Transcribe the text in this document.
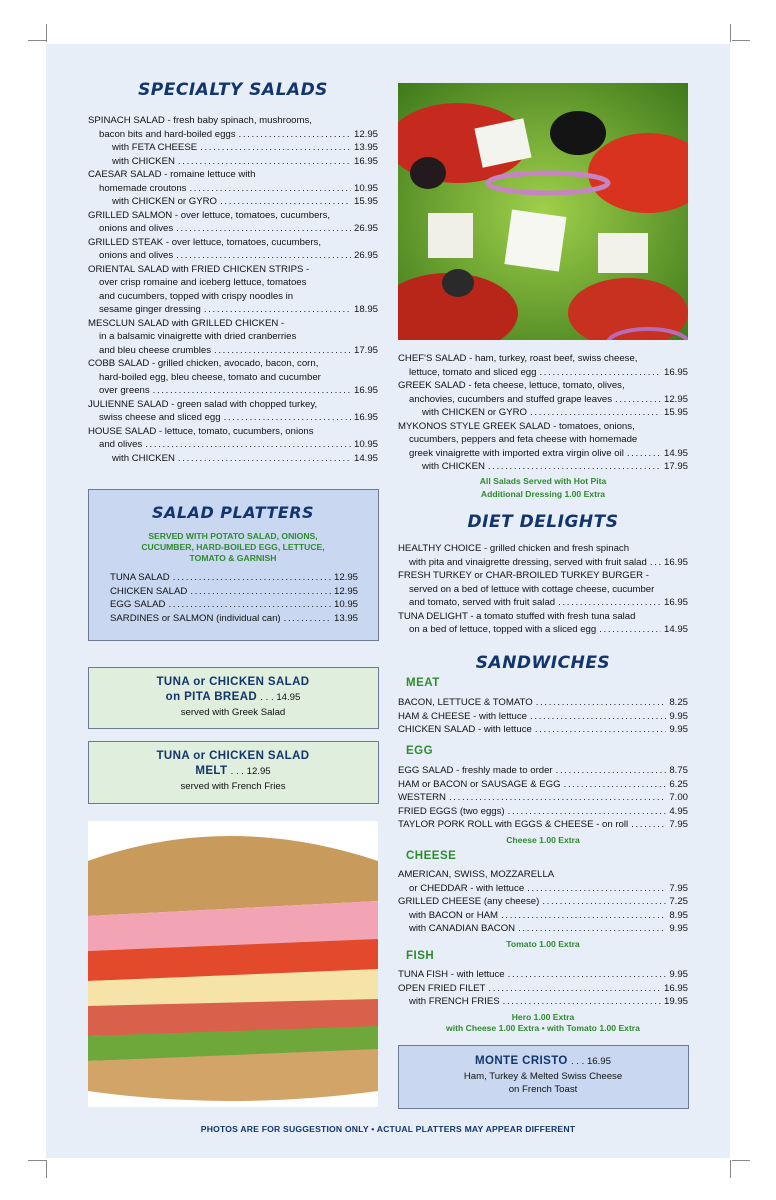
SPECIALTY SALADS
SPINACH SALAD - fresh baby spinach, mushrooms,
bacon bits and hard-boiled eggs . . .	12.95
with FETA CHEESE . . .	13.95
with CHICKEN . . .	16.95
CAESAR SALAD - romaine lettuce with
homemade croutons . . .	10.95
with CHICKEN or GYRO . . .	15.95
GRILLED SALMON - over lettuce, tomatoes, cucumbers,
onions and olives . . .	26.95
GRILLED STEAK - over lettuce, tomatoes, cucumbers,
onions and olives . . .	26.95
ORIENTAL SALAD with FRIED CHICKEN STRIPS -
over crisp romaine and iceberg lettuce, tomatoes
and cucumbers, topped with crispy noodles in
sesame ginger dressing . . .	18.95
MESCLUN SALAD with GRILLED CHICKEN -
in a balsamic vinaigrette with dried cranberries
and bleu cheese crumbles . . .	17.95
COBB SALAD - grilled chicken, avocado, bacon, corn,
hard-boiled egg, bleu cheese, tomato and cucumber
over greens . . .	16.95
JULIENNE SALAD - green salad with chopped turkey,
swiss cheese and sliced egg . . .	16.95
HOUSE SALAD - lettuce, tomato, cucumbers, onions
and olives . . .	10.95
with CHICKEN . . .	14.95
CHEF'S SALAD - ham, turkey, roast beef, swiss cheese,
lettuce, tomato and sliced egg . . .	16.95
GREEK SALAD - feta cheese, lettuce, tomato, olives,
anchovies, cucumbers and stuffed grape leaves . . .	12.95
with CHICKEN or GYRO . . .	15.95
MYKONOS STYLE GREEK SALAD - tomatoes, onions,
cucumbers, peppers and feta cheese with homemade
greek vinaigrette with imported extra virgin olive oil . . .	14.95
with CHICKEN . . .	17.95
All Salads Served with Hot Pita
Additional Dressing 1.00 Extra
SALAD PLATTERS
SERVED WITH POTATO SALAD, ONIONS,
CUCUMBER, HARD-BOILED EGG, LETTUCE,
TOMATO & GARNISH
TUNA SALAD . . .	12.95
CHICKEN SALAD . . .	12.95
EGG SALAD . . .	10.95
SARDINES or SALMON (individual can) . . .	13.95
TUNA or CHICKEN SALAD
on PITA BREAD . . . 14.95
served with Greek Salad
TUNA or CHICKEN SALAD
MELT . . . 12.95
served with French Fries
DIET DELIGHTS
HEALTHY CHOICE - grilled chicken and fresh spinach
with pita and vinaigrette dressing, served with fruit salad . . . 16.95
FRESH TURKEY or CHAR-BROILED TURKEY BURGER -
served on a bed of lettuce with cottage cheese, cucumber
and tomato, served with fruit salad . . .	16.95
TUNA DELIGHT - a tomato stuffed with fresh tuna salad
on a bed of lettuce, topped with a sliced egg . . .	14.95
SANDWICHES
MEAT
BACON, LETTUCE & TOMATO . . .	8.25
HAM & CHEESE - with lettuce . . .	9.95
CHICKEN SALAD - with lettuce . . .	9.95
EGG
EGG SALAD - freshly made to order . . .	8.75
HAM or BACON or SAUSAGE & EGG . . .	6.25
WESTERN . . .	7.00
FRIED EGGS (two eggs) . . .	4.95
TAYLOR PORK ROLL with EGGS & CHEESE - on roll . . .	7.95
Cheese 1.00 Extra
CHEESE
AMERICAN, SWISS, MOZZARELLA
or CHEDDAR - with lettuce . . .	7.95
GRILLED CHEESE (any cheese) . . .	7.25
with BACON or HAM . . .	8.95
with CANADIAN BACON . . .	9.95
Tomato 1.00 Extra
FISH
TUNA FISH - with lettuce . . .	9.95
OPEN FRIED FILET . . .	16.95
with FRENCH FRIES . . .	19.95
Hero 1.00 Extra
with Cheese 1.00 Extra • with Tomato 1.00 Extra
MONTE CRISTO . . . 16.95
Ham, Turkey & Melted Swiss Cheese
on French Toast
PHOTOS ARE FOR SUGGESTION ONLY • ACTUAL PLATTERS MAY APPEAR DIFFERENT
